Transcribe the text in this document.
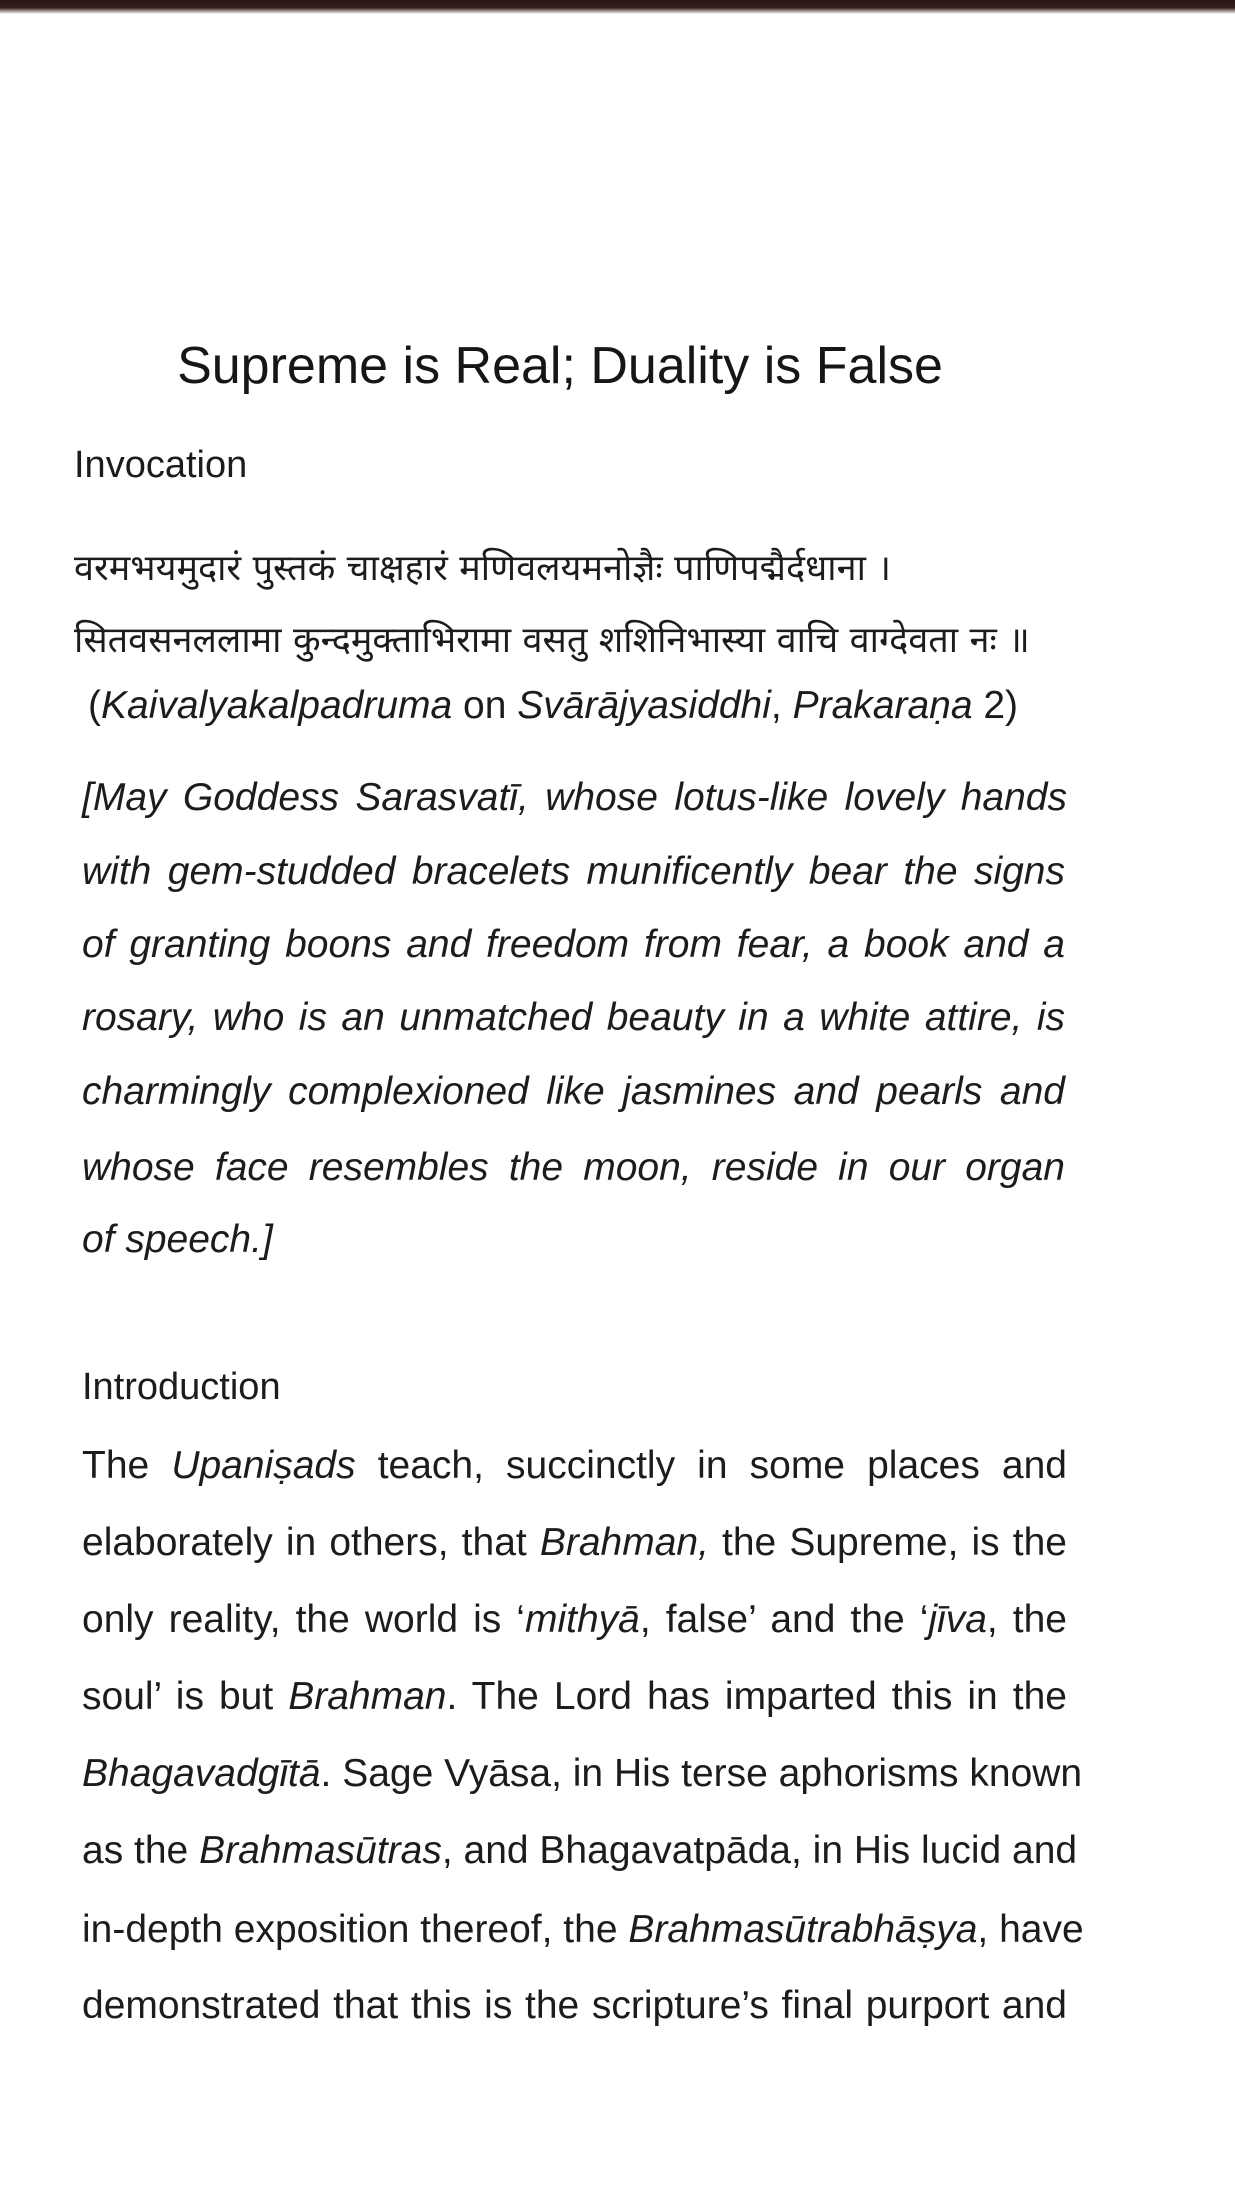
Supreme is Real; Duality is False
Invocation
वरमभयमुदारं पुस्तकं चाक्षहारं मणिवलयमनोज्ञैः पाणिपद्मैर्दधाना ।
सितवसनललामा कुन्दमुक्ताभिरामा वसतु शशिनिभास्या वाचि वाग्देवता नः ॥
(Kaivalyakalpadruma on Svārājyasiddhi, Prakaraṇa 2)
[May Goddess Sarasvatī, whose lotus-like lovely hands
with gem-studded bracelets munificently bear the signs
of granting boons and freedom from fear, a book and a
rosary, who is an unmatched beauty in a white attire, is
charmingly complexioned like jasmines and pearls and
whose face resembles the moon, reside in our organ
of speech.]
Introduction
The Upaniṣads teach, succinctly in some places and
elaborately in others, that Brahman, the Supreme, is the
only reality, the world is ‘mithyā, false’ and the ‘jīva, the
soul’ is but Brahman. The Lord has imparted this in the
Bhagavadgītā. Sage Vyāsa, in His terse aphorisms known
as the Brahmasūtras, and Bhagavatpāda, in His lucid and
in-depth exposition thereof, the Brahmasūtrabhāṣya, have
demonstrated that this is the scripture’s final purport and
